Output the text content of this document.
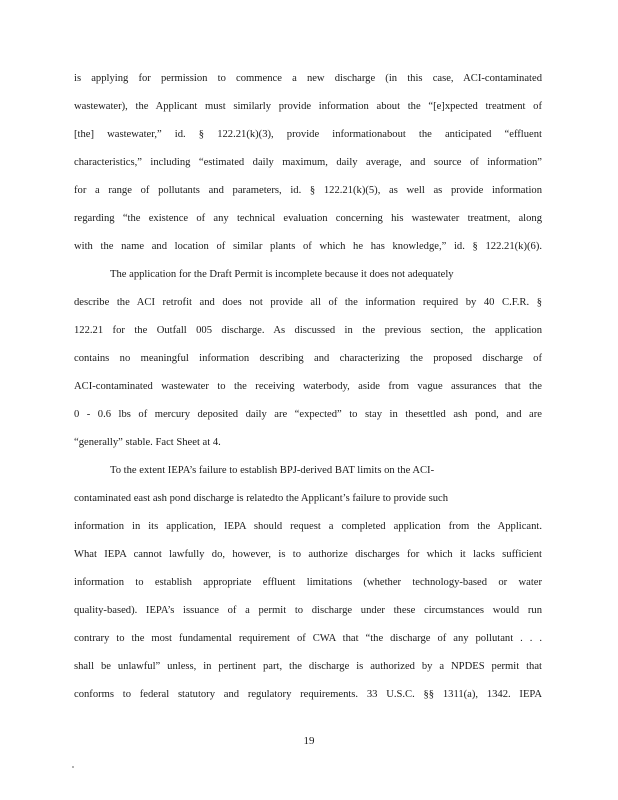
is applying for permission to commence a new discharge (in this case, ACI-contaminated
wastewater), the Applicant must similarly provide information about the “[e]xpected treatment of
[the] wastewater,” id. § 122.21(k)(3), provide informationabout the anticipated “effluent
characteristics,” including “estimated daily maximum, daily average, and source of information”
for a range of pollutants and parameters, id. § 122.21(k)(5), as well as provide information
regarding “the existence of any technical evaluation concerning his wastewater treatment, along
with the name and location of similar plants of which he has knowledge,” id. § 122.21(k)(6).
The application for the Draft Permit is incomplete because it does not adequately
describe the ACI retrofit and does not provide all of the information required by 40 C.F.R. §
122.21 for the Outfall 005 discharge. As discussed in the previous section, the application
contains no meaningful information describing and characterizing the proposed discharge of
ACI-contaminated wastewater to the receiving waterbody, aside from vague assurances that the
0 - 0.6 lbs of mercury deposited daily are “expected” to stay in thesettled ash pond, and are
“generally” stable. Fact Sheet at 4.
To the extent IEPA’s failure to establish BPJ-derived BAT limits on the ACI-
contaminated east ash pond discharge is relatedto the Applicant’s failure to provide such
information in its application, IEPA should request a completed application from the Applicant.
What IEPA cannot lawfully do, however, is to authorize discharges for which it lacks sufficient
information to establish appropriate effluent limitations (whether technology-based or water
quality-based). IEPA’s issuance of a permit to discharge under these circumstances would run
contrary to the most fundamental requirement of CWA that “the discharge of any pollutant . . .
shall be unlawful” unless, in pertinent part, the discharge is authorized by a NPDES permit that
conforms to federal statutory and regulatory requirements. 33 U.S.C. §§ 1311(a), 1342. IEPA
19
